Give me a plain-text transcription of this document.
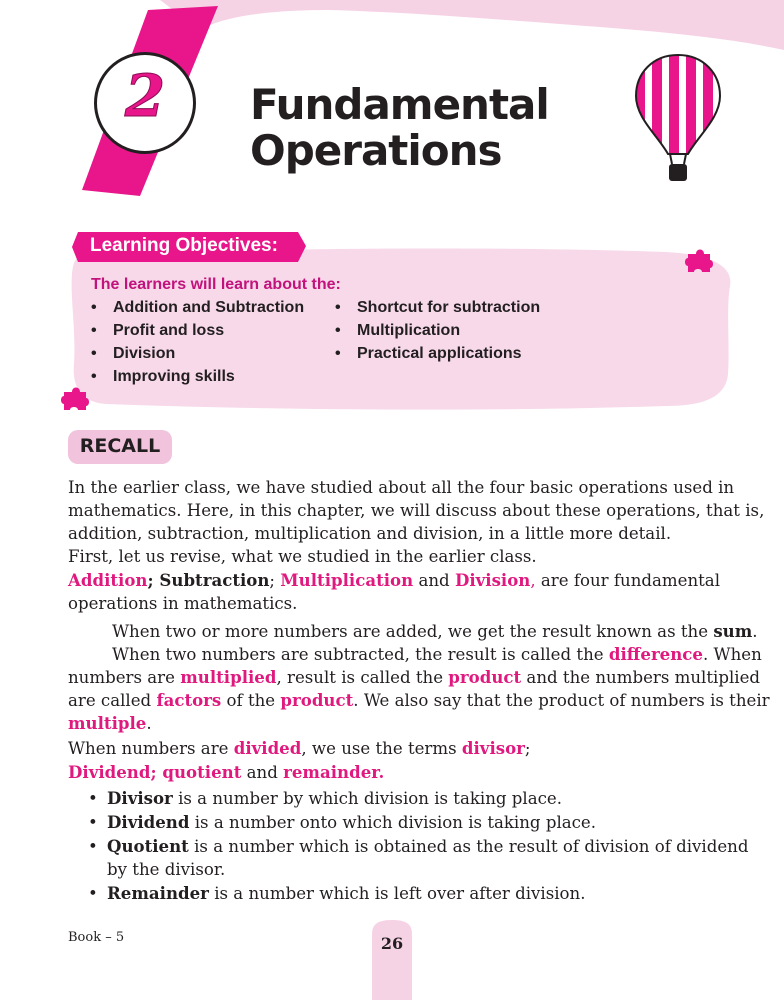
2	Fundamental
Operations
Learning Objectives:
The learners will learn about the:
• Addition and Subtraction
• Profit and loss
• Division
• Improving skills
• Shortcut for subtraction
• Multiplication
• Practical applications
RECALL
In the earlier class, we have studied about all the four basic operations used in
mathematics. Here, in this chapter, we will discuss about these operations, that is,
addition, subtraction, multiplication and division, in a little more detail.
First, let us revise, what we studied in the earlier class.
Addition; Subtraction; Multiplication and Division, are four fundamental
operations in mathematics.
When two or more numbers are added, we get the result known as the sum.
When two numbers are subtracted, the result is called the difference. When
numbers are multiplied, result is called the product and the numbers multiplied
are called factors of the product. We also say that the product of numbers is their
multiple.
When numbers are divided, we use the terms divisor;
Dividend; quotient and remainder.
• Divisor is a number by which division is taking place.
• Dividend is a number onto which division is taking place.
• Quotient is a number which is obtained as the result of division of dividend
by the divisor.
• Remainder is a number which is left over after division.
Book – 5	26
